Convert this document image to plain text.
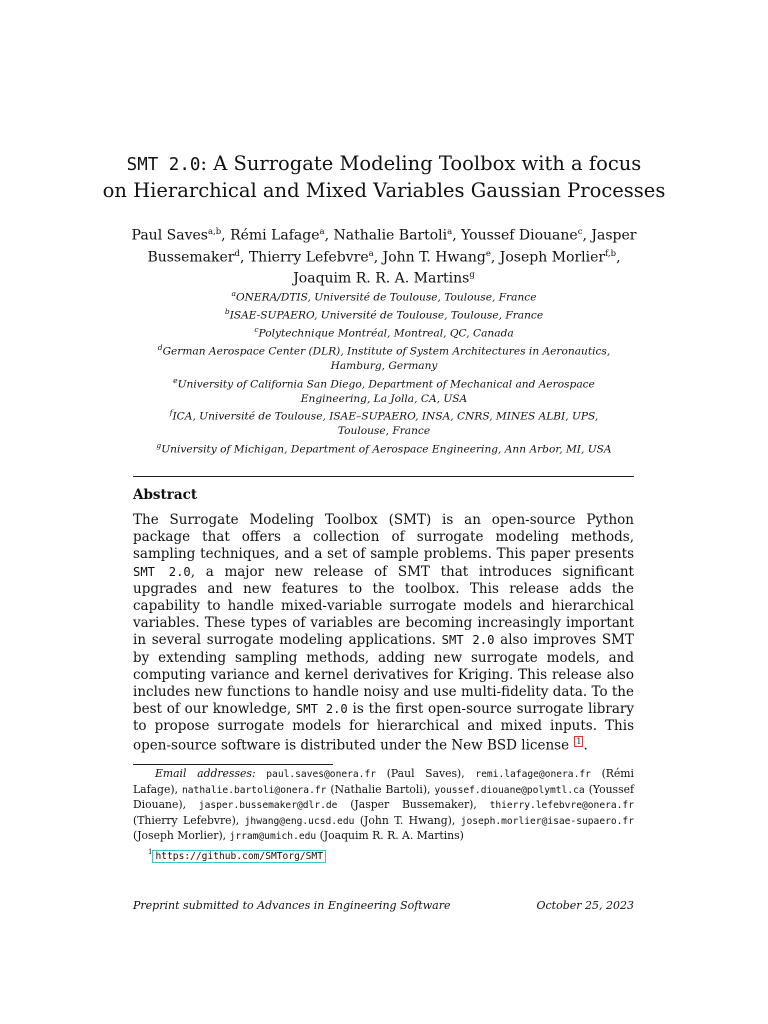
SMT 2.0: A Surrogate Modeling Toolbox with a focus
on Hierarchical and Mixed Variables Gaussian Processes
Paul Saves$^{a,b}$, Rémi Lafage$^a$, Nathalie Bartoli$^a$, Youssef Diouane$^c$, Jasper Bussemaker$^d$, Thierry Lefebvre$^a$, John T. Hwang$^e$, Joseph Morlier$^{f,b}$, Joaquim R. R. A. Martins$^g$
$^a$ONERA/DTIS, Université de Toulouse, Toulouse, France
$^b$ISAE-SUPAERO, Université de Toulouse, Toulouse, France
$^c$Polytechnique Montréal, Montreal, QC, Canada
$^d$German Aerospace Center (DLR), Institute of System Architectures in Aeronautics,
Hamburg, Germany
$^e$University of California San Diego, Department of Mechanical and Aerospace
Engineering, La Jolla, CA, USA
$^f$ICA, Université de Toulouse, ISAE–SUPAERO, INSA, CNRS, MINES ALBI, UPS,
Toulouse, France
$^g$University of Michigan, Department of Aerospace Engineering, Ann Arbor, MI, USA
Abstract
The Surrogate Modeling Toolbox (SMT) is an open-source Python package that offers a collection of surrogate modeling methods, sampling techniques, and a set of sample problems. This paper presents SMT 2.0, a major new release of SMT that introduces significant upgrades and new features to the toolbox. This release adds the capability to handle mixed-variable surrogate models and hierarchical variables. These types of variables are becoming increasingly important in several surrogate modeling applications. SMT 2.0 also improves SMT by extending sampling methods, adding new surrogate models, and computing variance and kernel derivatives for Kriging. This release also includes new functions to handle noisy and use multi-fidelity data. To the best of our knowledge, SMT 2.0 is the first open-source surrogate library to propose surrogate models for hierarchical and mixed inputs. This open-source software is distributed under the New BSD license 1 .
Email addresses: paul.saves@onera.fr (Paul Saves), remi.lafage@onera.fr (Rémi Lafage), nathalie.bartoli@onera.fr (Nathalie Bartoli), youssef.diouane@polymtl.ca (Youssef Diouane), jasper.bussemaker@dlr.de (Jasper Bussemaker), thierry.lefebvre@onera.fr (Thierry Lefebvre), jhwang@eng.ucsd.edu (John T. Hwang), joseph.morlier@isae-supaero.fr (Joseph Morlier), jrram@umich.edu (Joaquim R. R. A. Martins)
$^1$ https://github.com/SMTorg/SMT
Preprint submitted to Advances in Engineering Software	October 25, 2023
